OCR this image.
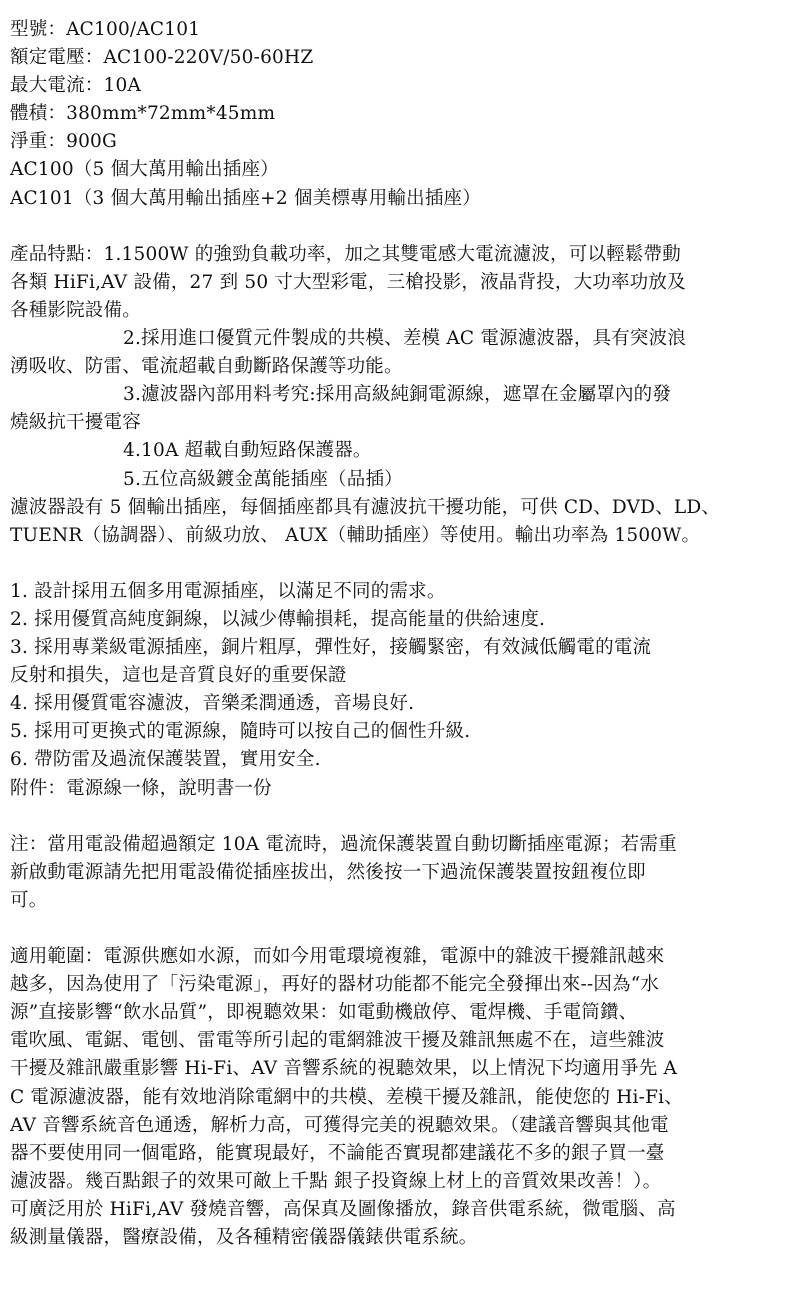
型號：AC100/AC101
額定電壓：AC100-220V/50-60HZ
最大電流：10A
體積：380mm*72mm*45mm
淨重：900G
AC100（5 個大萬用輸出插座）
AC101（3 個大萬用輸出插座+2 個美標專用輸出插座）
產品特點：1.1500W 的強勁負載功率，加之其雙電感大電流濾波，可以輕鬆帶動
各類 HiFi,AV 設備，27 到 50 寸大型彩電，三槍投影，液晶背投，大功率功放及
各種影院設備。
2.採用進口優質元件製成的共模、差模 AC 電源濾波器，具有突波浪
湧吸收、防雷、電流超載自動斷路保護等功能。
3.濾波器內部用料考究:採用高級純銅電源線，遮罩在金屬罩內的發
燒級抗干擾電容
4.10A 超載自動短路保護器。
5.五位高級鍍金萬能插座（品插）
濾波器設有 5 個輸出插座，每個插座都具有濾波抗干擾功能，可供 CD、DVD、LD、
TUENR（協調器）、前級功放、 AUX（輔助插座）等使用。輸出功率為 1500W。
1. 設計採用五個多用電源插座，以滿足不同的需求。
2. 採用優質高純度銅線，以減少傳輸損耗，提高能量的供給速度.
3. 採用專業級電源插座，銅片粗厚，彈性好，接觸緊密，有效減低觸電的電流
反射和損失，這也是音質良好的重要保證
4. 採用優質電容濾波，音樂柔潤通透，音場良好.
5. 採用可更換式的電源線，隨時可以按自己的個性升級.
6. 帶防雷及過流保護裝置，實用安全.
附件：電源線一條，說明書一份
注：當用電設備超過額定 10A 電流時，過流保護裝置自動切斷插座電源；若需重
新啟動電源請先把用電設備從插座拔出，然後按一下過流保護裝置按鈕複位即
可。
適用範圍：電源供應如水源，而如今用電環境複雜，電源中的雜波干擾雜訊越來
越多，因為使用了「污染電源」，再好的器材功能都不能完全發揮出來--因為“水
源”直接影響“飲水品質”，即視聽效果：如電動機啟停、電焊機、手電筒鑽、
電吹風、電鋸、電刨、雷電等所引起的電網雜波干擾及雜訊無處不在，這些雜波
干擾及雜訊嚴重影響 Hi-Fi、AV 音響系統的視聽效果，以上情況下均適用爭先 A
C 電源濾波器，能有效地消除電網中的共模、差模干擾及雜訊，能使您的 Hi-Fi、
AV 音響系統音色通透，解析力高，可獲得完美的視聽效果。（建議音響與其他電
器不要使用同一個電路，能實現最好，不論能否實現都建議花不多的銀子買一臺
濾波器。幾百點銀子的效果可敵上千點 銀子投資線上材上的音質效果改善！）。
可廣泛用於 HiFi,AV 發燒音響，高保真及圖像播放，錄音供電系統，微電腦、高
級測量儀器，醫療設備，及各種精密儀器儀錶供電系統。
